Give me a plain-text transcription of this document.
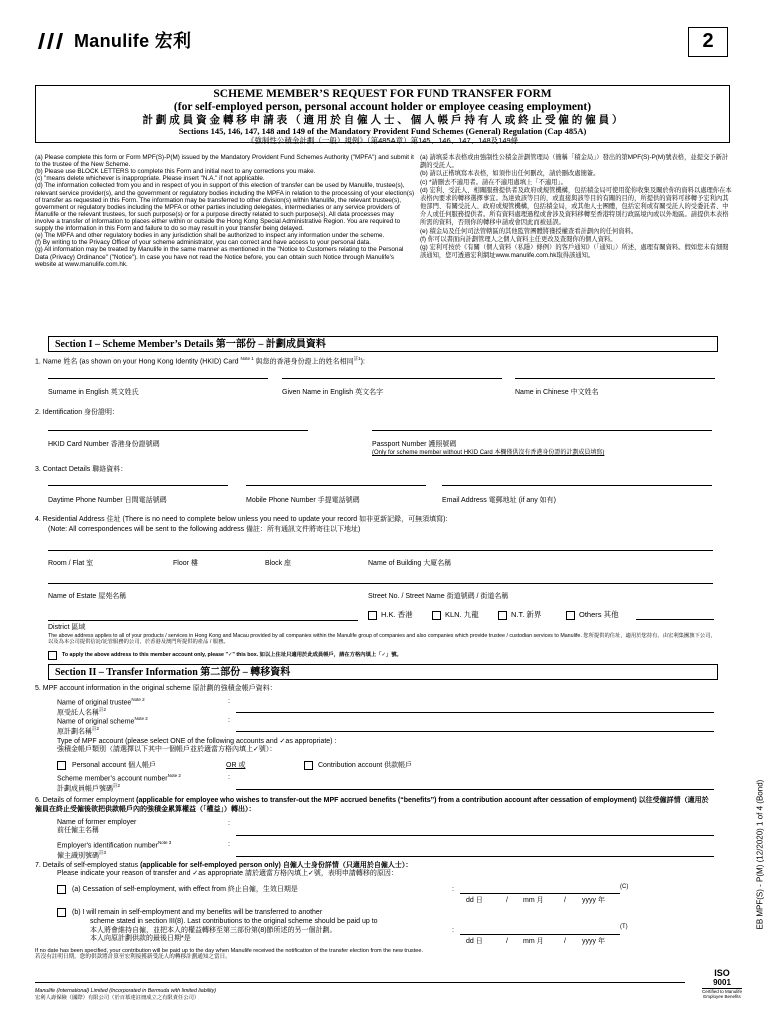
Manulife 宏利	2
SCHEME MEMBER’S REQUEST FOR FUND TRANSFER FORM
(for self-employed person, personal account holder or employee ceasing employment)
計 劃 成 員 資 金 轉 移 申 請 表 （ 適 用 於 自 僱 人 士 、 個 人 帳 戶 持 有 人 或 終 止 受 僱 的 僱 員 ）
Sections 145, 146, 147, 148 and 149 of the Mandatory Provident Fund Schemes (General) Regulation (Cap 485A)
《強制性公積金計劃（一般）規例》（第485A章）第145、146、147、148及149條

(a) Please complete this form or Form MPF(S)-P(M) issued by the Mandatory Provident Fund Schemes Authority ("MPFA") and submit it to the trustee of the New Scheme.

(b) Please use BLOCK LETTERS to complete this Form and initial next to any corrections you make.

(c) "means delete whichever is inappropriate. Please insert "N.A." if not applicable.

(d) The information collected from you and in respect of you in support of this election of transfer can be used by Manulife, trustee(s), relevant service provider(s), and the government or regulatory bodies including the MPFA in relation to the processing of your election(s) of transfer as requested in this Form. The information may be transferred to other division(s) within Manulife, the relevant trustee(s), government or regulatory bodies including the MPFA or other parties including delegates, intermediaries or any service providers of Manulife or the relevant trustees, for such purpose(s) or for a purpose directly related to such purpose(s). All data processes may involve a transfer of information to places either within or outside the Hong Kong Special Administrative Region. You are required to supply the information in this Form and failure to do so may result in your transfer being delayed.

(e) The MPFA and other regulatory bodies in any jurisdiction shall be authorized to inspect any information under the scheme.

(f) By writing to the Privacy Officer of your scheme administrator, you can correct and have access to your personal data.

(g) All information may be treated by Manulife in the same manner as mentioned in the "Notice to Customers relating to the Personal Data (Privacy) Ordinance" ("Notice"). In case you have not read the Notice before, you can obtain such Notice through Manulife's website at www.manulife.com.hk.

(a) 請填妥本表格或由強制性公積金計劃管理局（簡稱「積金局」）發出的第MPF(S)-P(M)號表格，並提交予新計劃的受託人。

(b) 請以正楷填寫本表格，如須作出任何刪改，請於刪改處簡簽。

(c) *請刪去不適用者。請在不適用處填上「不適用」。

(d) 宏利、受託人、相關服務提供者及政府或規管機構，包括積金局可使用從你收集及關於你的資料以處理你在本表格內要求的轉移選擇事宜。為達致該等目的，或直接與該等目的有關的目的，所提供的資料可移轉予宏利內其他部門、有關受託人、政府或規管機構，包括積金局，或其他人士團體，包括宏利或有關受託人的受委託者、中介人或任何服務提供者。所有資料處理過程或會涉及資料移轉至香港特別行政區境內或以外地區。請提供本表格所需的資料，否則你的轉移申請或會因此而被延誤。

(e) 積金局及任何司法管轄區的其他監管團體將獲授權查看計劃內的任何資料。

(f) 你可以書面向計劃管理人之個人資料主任更改及查閱你的個人資料。

(g) 宏利可按於《有關（個人資料（私隱）條例）的客戶通知》（「通知」）所述，處理有關資料。假如您未有細閱該通知，您可透過宏利網址www.manulife.com.hk取得該通知。

Section I – Scheme Member’s Details 第一部份 – 計劃成員資料
1. Name 姓名 (as shown on your Hong Kong Identity (HKID) Card $^{Note 1}$ 與您的香港身份證上的姓名相同$^{註1}$):
Surname in English 英文姓氏	Given Name in English 英文名字	Name in Chinese 中文姓名
2. Identification 身份證明：
HKID Card Number 香港身份證號碼	Passport Number 護照號碼
(Only for scheme member without HKID Card 本欄僅供沒有香港身份證的計劃成員填寫)
3. Contact Details 聯絡資料：
Daytime Phone Number 日間電話號碼	Mobile Phone Number 手提電話號碼	Email Address 電郵地址 (if any 如有)
4. Residential Address 住址 (There is no need to complete below unless you need to update your record 如非更新記錄，可無須填寫):
(Note: All correspondences will be sent to the following address 備註：所有通訊文件將寄往以下地址)
Room / Flat 室	Floor 樓	Block 座	Name of Building 大廈名稱
Name of Estate 屋苑名稱	Street No. / Street Name 街道號碼 / 街道名稱
H.K. 香港	KLN. 九龍	N.T. 新界	Others 其他
District 區域
The above address applies to all of your products / services in Hong Kong and Macau provided by all companies within the Manulife group of companies and also companies which provide trustee / custodian services to Manulife. 您所提供的住址，適用於您持有、由宏利集團旗下公司，以及為本公司提供信託/託管服務的公司，於香港及澳門所提供的產品 / 服務。
To apply the above address to this member account only, please "✓" this box. 如以上住址只適用於此成員帳戶，請在方格內填上「✓」號。
Section II – Transfer Information 第二部份 – 轉移資料
5. MPF account information in the original scheme 原計劃的強積金帳戶資料：
Name of original trustee$^{Note 2}$
原受託人名稱$^{註2}$
:
Name of original scheme$^{Note 2}$
原計劃名稱$^{註2}$
:
Type of MPF account (please select ONE of the following accounts and ✓as appropriate) :
強積金帳戶類別（請選擇以下其中一個帳戶並於適當方格內填上✓號）：
Personal account 個人帳戶	OR 或	Contribution account 供款帳戶
Scheme member’s account number$^{Note 2}$
計劃成員帳戶號碼$^{註2}$
:
6. Details of former employment (applicable for employee who wishes to transfer-out the MPF accrued benefits (“benefits”) from a contribution account after cessation of employment) 以往受僱詳情（適用於僱員在終止受僱後欲把供款帳戶內的強積金累算權益（「權益」）轉出）：
Name of former employer
前任僱主名稱
:
Employer's identification number$^{Note 3}$
僱主識別號碼$^{註3}$
:
7. Details of self-employed status (applicable for self-employed person only) 自僱人士身份詳情（只適用於自僱人士）：
Please indicate your reason of transfer and ✓as appropriate 請於適當方格內填上✓號，表明申請轉移的原因：
(a) Cessation of self-employment, with effect from 終止自僱，生效日期是	:	(C)
dd 日	/ mm 月	/ yyyy 年
(b) I will remain in self-employment and my benefits will be transferred to another
scheme stated in section III(8). Last contributions to the original scheme should be paid up to
本人將會維持自僱，並把本人的權益轉移至第三部份第(8)節所述的另一個計劃。
本人向原計劃供款的最後日期*是
:	(T)
dd 日	/ mm 月	/ yyyy 年
If no date has been specified, your contribution will be paid up to the day when Manulife received the notification of the transfer election from the new trustee.
若沒有註明日期，您的供款將計算至宏利接獲新受託人的轉移計劃通知之當日。
Manulife (International) Limited (Incorporated in Bermuda with limited liability)
宏利人壽保險（國際）有限公司（於百慕達註冊成立之有限責任公司）
ISO
9001
Certified to Manulife
Employee Benefits
EB MPF(S) - P(M) (12/2020) 1 of 4 (Bond)
